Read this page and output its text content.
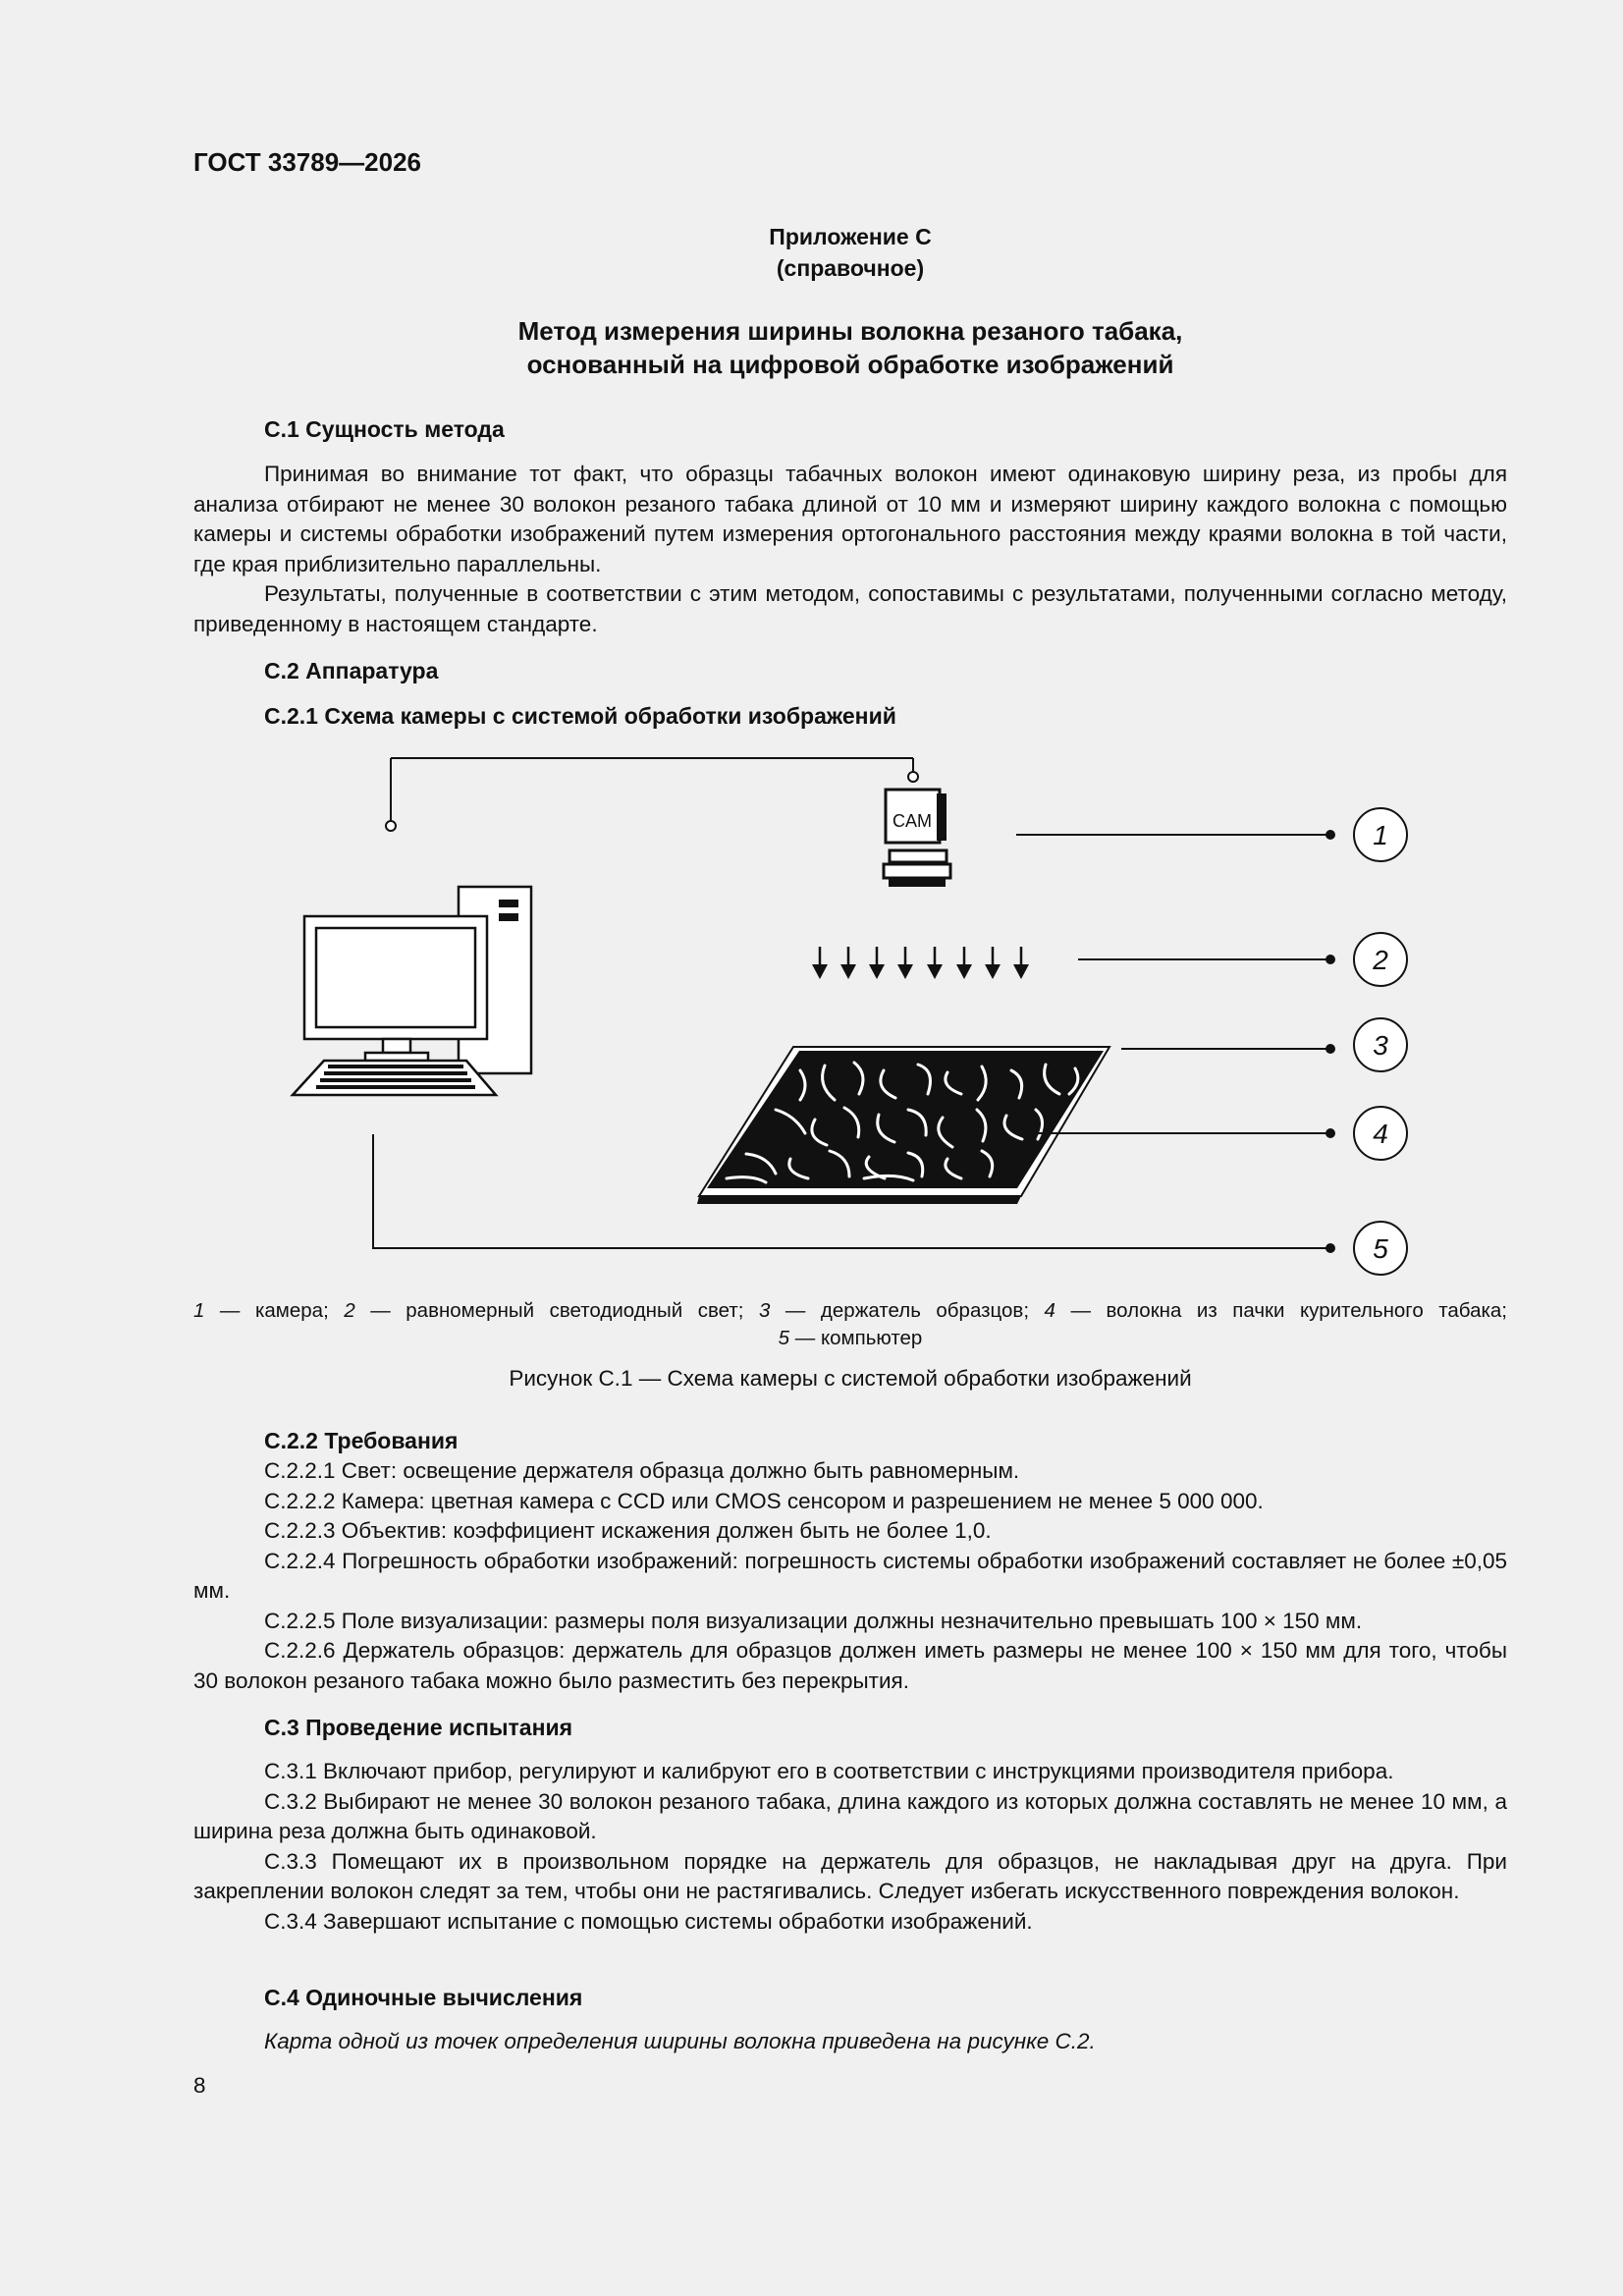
ГОСТ 33789—2026
Приложение С
(справочное)
Метод измерения ширины волокна резаного табака,
основанный на цифровой обработке изображений
С.1 Сущность метода

Принимая во внимание тот факт, что образцы табачных волокон имеют одинаковую ширину реза, из пробы для анализа отбирают не менее 30 волокон резаного табака длиной от 10 мм и измеряют ширину каждого волокна с помощью камеры и системы обработки изображений путем измерения ортогонального расстояния между краями волокна в той части, где края приблизительно параллельны.

Результаты, полученные в соответствии с этим методом, сопоставимы с результатами, полученными согласно методу, приведенному в настоящем стандарте.

С.2 Аппаратура
С.2.1 Схема камеры с системой обработки изображений
CAM	1
2
3
4
5
1 — камера; 2 — равномерный светодиодный свет; 3 — держатель образцов; 4 — волокна из пачки курительного табака;
5 — компьютер
Рисунок С.1 — Схема камеры с системой обработки изображений
С.2.2 Требования

С.2.2.1 Свет: освещение держателя образца должно быть равномерным.

С.2.2.2 Камера: цветная камера с CCD или CMOS сенсором и разрешением не менее 5 000 000.

С.2.2.3 Объектив: коэффициент искажения должен быть не более 1,0.

С.2.2.4 Погрешность обработки изображений: погрешность системы обработки изображений составляет не более ±0,05 мм.

С.2.2.5 Поле визуализации: размеры поля визуализации должны незначительно превышать 100 × 150 мм.

С.2.2.6 Держатель образцов: держатель для образцов должен иметь размеры не менее 100 × 150 мм для того, чтобы 30 волокон резаного табака можно было разместить без перекрытия.

С.3 Проведение испытания

С.3.1 Включают прибор, регулируют и калибруют его в соответствии с инструкциями производителя прибора.

С.3.2 Выбирают не менее 30 волокон резаного табака, длина каждого из которых должна составлять не менее 10 мм, а ширина реза должна быть одинаковой.

С.3.3 Помещают их в произвольном порядке на держатель для образцов, не накладывая друг на друга. При закреплении волокон следят за тем, чтобы они не растягивались. Следует избегать искусственного повреждения волокон.

С.3.4 Завершают испытание с помощью системы обработки изображений.

С.4 Одиночные вычисления
Карта одной из точек определения ширины волокна приведена на рисунке С.2.
8
